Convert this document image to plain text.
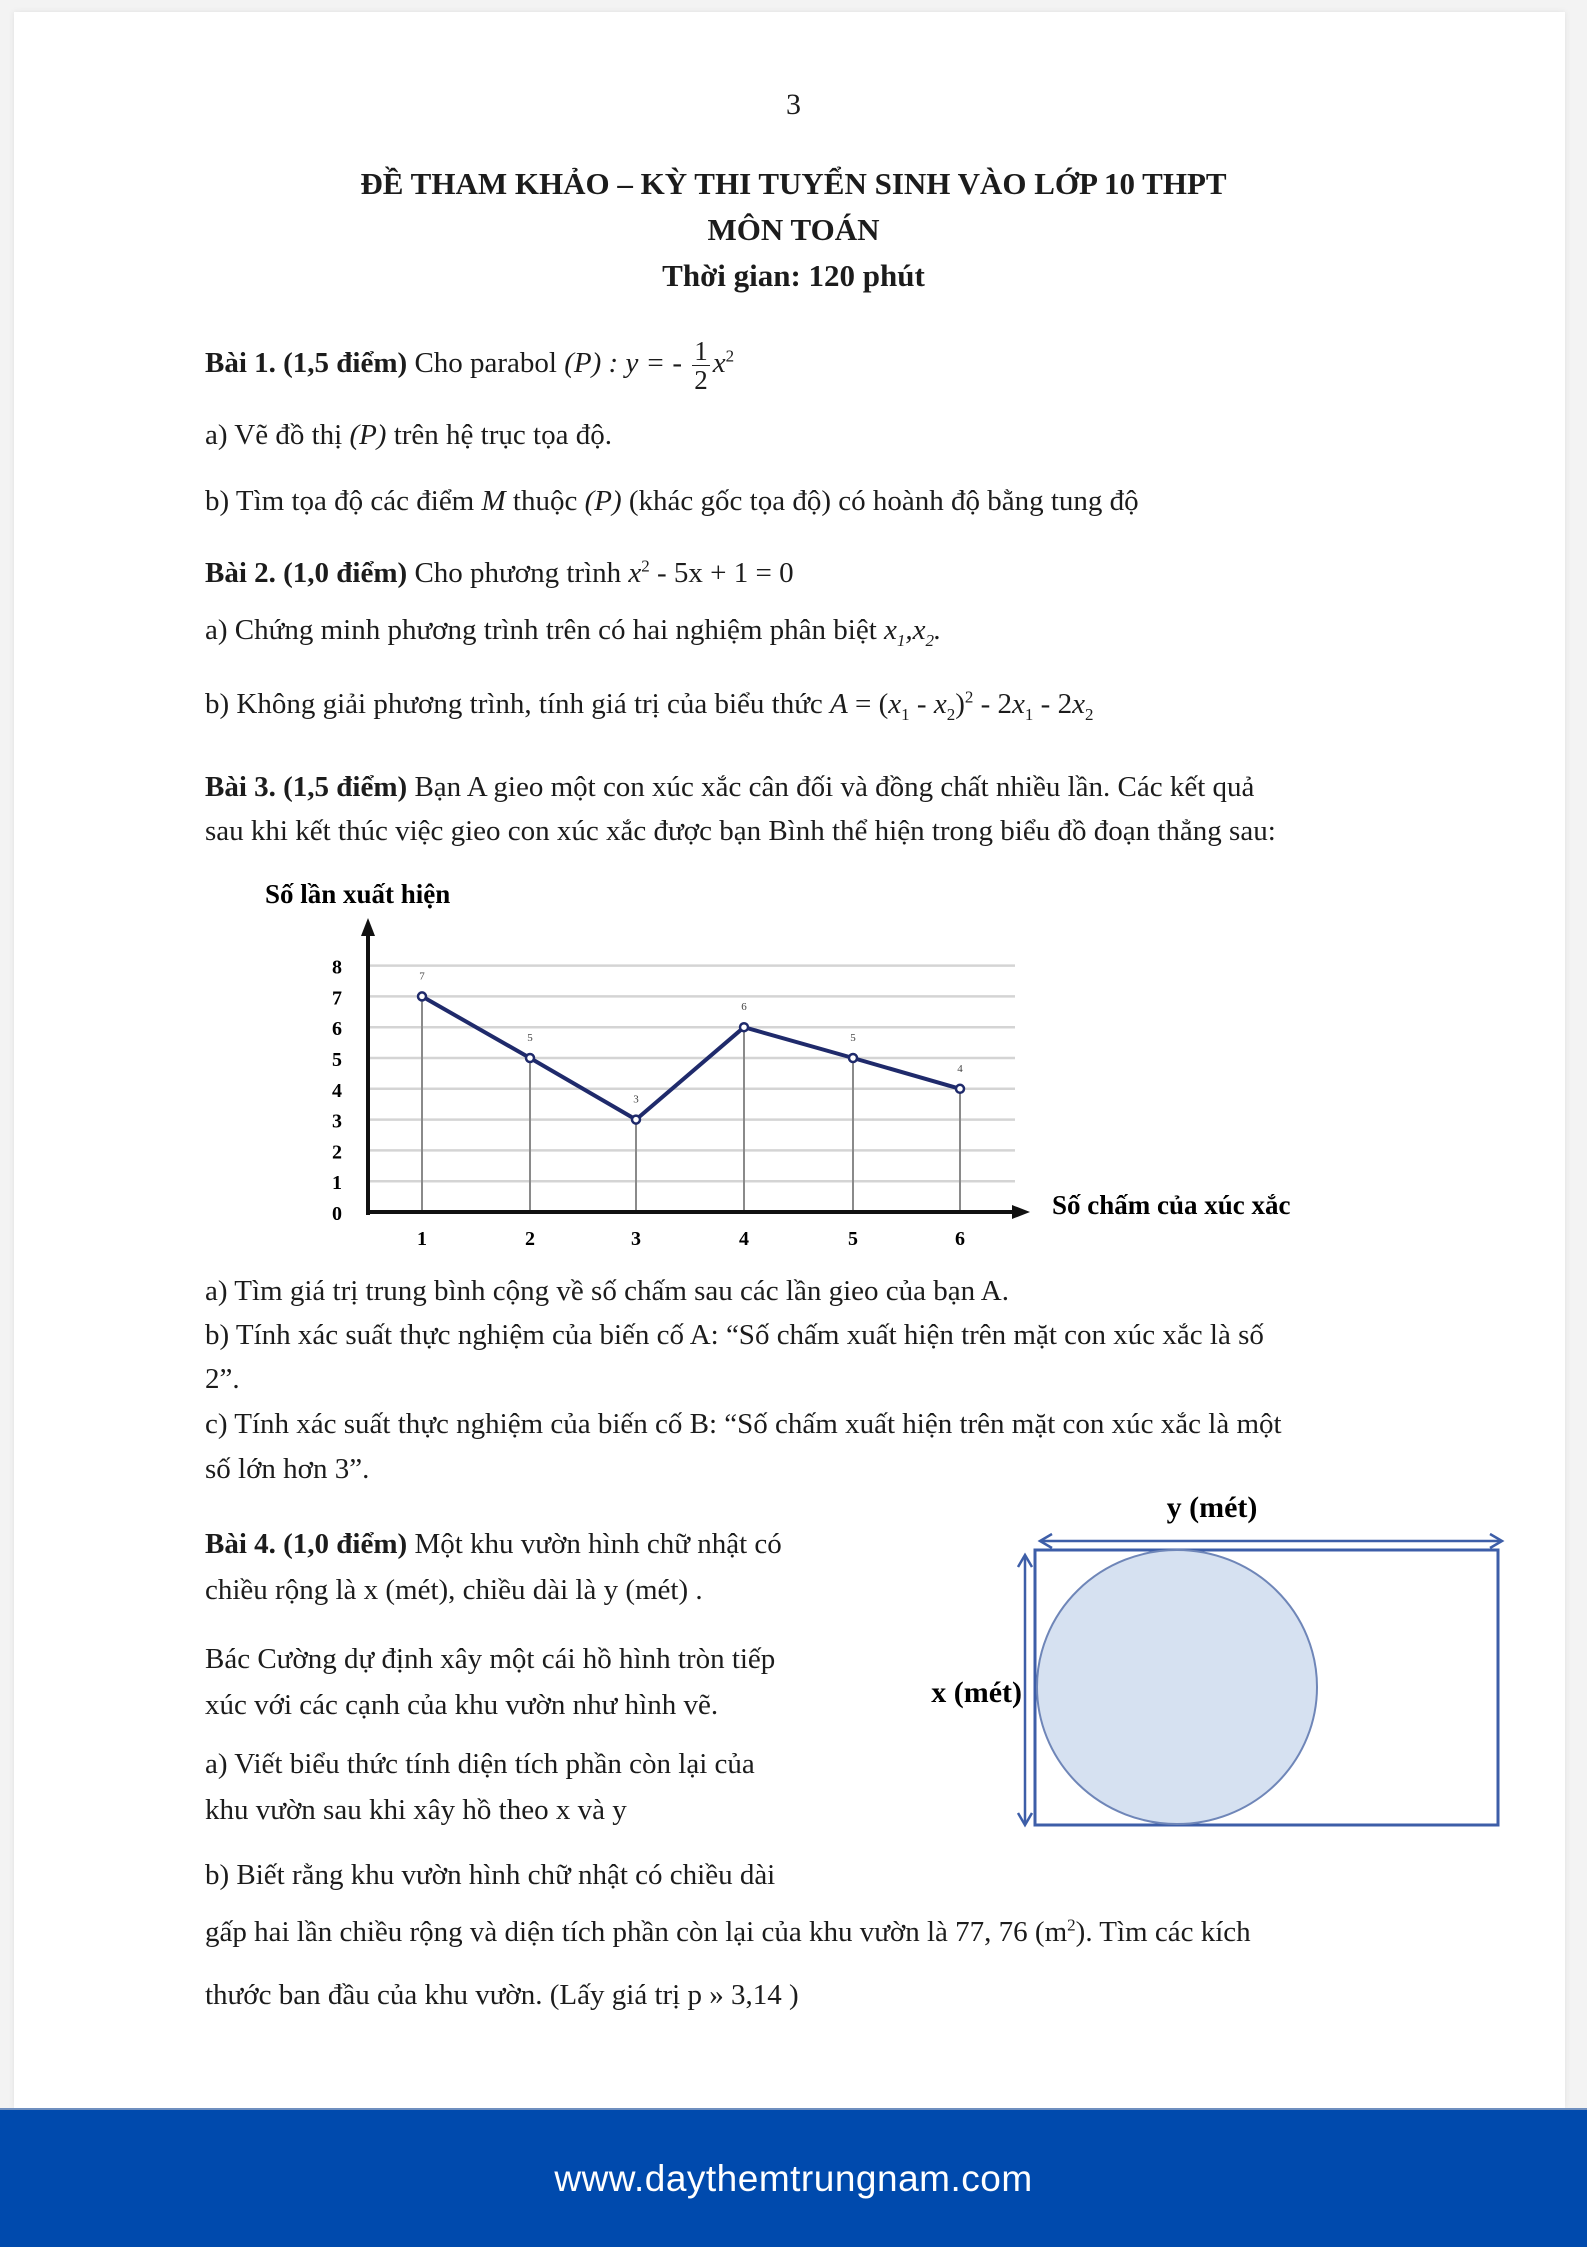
3
ĐỀ THAM KHẢO – KỲ THI TUYỂN SINH VÀO LỚP 10 THPT
MÔN TOÁN
Thời gian: 120 phút
Bài 1. (1,5 điểm) Cho parabol (P) : y = - $\frac{1}{2} x^2$
a) Vẽ đồ thị (P) trên hệ trục tọa độ.
b) Tìm tọa độ các điểm M thuộc (P) (khác gốc tọa độ) có hoành độ bằng tung độ
Bài 2. (1,0 điểm) Cho phương trình $x^2 - 5x + 1 = 0$
a) Chứng minh phương trình trên có hai nghiệm phân biệt $x_1,x_2$.
b) Không giải phương trình, tính giá trị của biểu thức $A = (x_1 - x_2)^2 - 2x_1 - 2x_2$
Bài 3. (1,5 điểm) Bạn A gieo một con xúc xắc cân đối và đồng chất nhiều lần. Các kết quả
sau khi kết thúc việc gieo con xúc xắc được bạn Bình thể hiện trong biểu đồ đoạn thẳng sau:
Số lần xuất hiện
0
1
2
3
4
5
6
7
8
1	2	3	4	5	6
7
5
3
6
5
4
Số chấm của xúc xắc
a) Tìm giá trị trung bình cộng về số chấm sau các lần gieo của bạn A.
b) Tính xác suất thực nghiệm của biến cố A: “Số chấm xuất hiện trên mặt con xúc xắc là số
2”.
c) Tính xác suất thực nghiệm của biến cố B: “Số chấm xuất hiện trên mặt con xúc xắc là một
số lớn hơn 3”.
Bài 4. (1,0 điểm) Một khu vườn hình chữ nhật có
chiều rộng là x (mét), chiều dài là y (mét) .
Bác Cường dự định xây một cái hồ hình tròn tiếp
xúc với các cạnh của khu vườn như hình vẽ.
a) Viết biểu thức tính diện tích phần còn lại của
khu vườn sau khi xây hồ theo x và y
b) Biết rằng khu vườn hình chữ nhật có chiều dài
gấp hai lần chiều rộng và diện tích phần còn lại của khu vườn là 77, 76 $(m^2)$. Tìm các kích
thước ban đầu của khu vườn. (Lấy giá trị p » 3,14 )
y (mét)
x (mét)
www.daythemtrungnam.com
